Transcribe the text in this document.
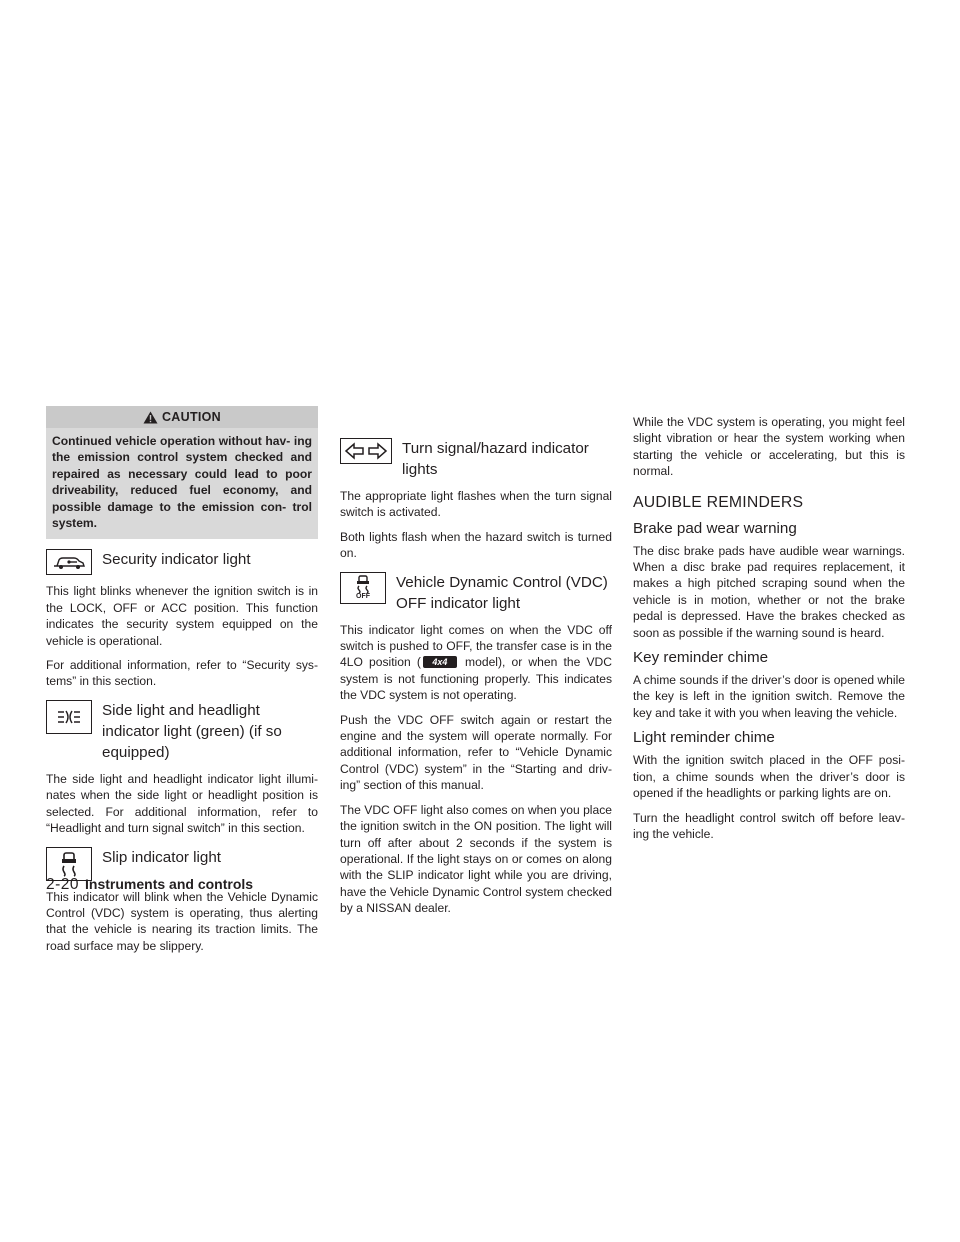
CAUTION
Continued vehicle operation without hav- ing the emission control system checked and repaired as necessary could lead to poor driveability, reduced fuel economy, and possible damage to the emission con- trol system.
Security indicator light

This light blinks whenever the ignition switch is in the LOCK, OFF or ACC position. This function indicates the security system equipped on the vehicle is operational.

For additional information, refer to “Security sys- tems” in this section.

Side light and headlight indicator light (green) (if so equipped)

The side light and headlight indicator light illumi- nates when the side light or headlight position is selected. For additional information, refer to “Headlight and turn signal switch” in this section.

Slip indicator light

This indicator will blink when the Vehicle Dynamic Control (VDC) system is operating, thus alerting that the vehicle is nearing its traction limits. The road surface may be slippery.

Turn signal/hazard indicator lights

The appropriate light flashes when the turn signal switch is activated.

Both lights flash when the hazard switch is turned on.

OFF
Vehicle Dynamic Control (VDC) OFF indicator light

This indicator light comes on when the VDC off switch is pushed to OFF, the transfer case is in the 4LO position (	4x4 model), or when the VDC system is not functioning properly. This indicates the VDC system is not operating.

Push the VDC OFF switch again or restart the engine and the system will operate normally. For additional information, refer to “Vehicle Dynamic Control (VDC) system” in the “Starting and driv- ing” section of this manual.

The VDC OFF light also comes on when you place the ignition switch in the ON position. The light will turn off after about 2 seconds if the system is operational. If the light stays on or comes on along with the SLIP indicator light while you are driving, have the Vehicle Dynamic Control system checked by a NISSAN dealer.

While the VDC system is operating, you might feel slight vibration or hear the system working when starting the vehicle or accelerating, but this is normal.

AUDIBLE REMINDERS
Brake pad wear warning

The disc brake pads have audible wear warnings. When a disc brake pad requires replacement, it makes a high pitched scraping sound when the vehicle is in motion, whether or not the brake pedal is depressed. Have the brakes checked as soon as possible if the warning sound is heard.

Key reminder chime

A chime sounds if the driver’s door is opened while the key is left in the ignition switch. Remove the key and take it with you when leaving the vehicle.

Light reminder chime

With the ignition switch placed in the OFF posi- tion, a chime sounds when the driver’s door is opened if the headlights or parking lights are on.

Turn the headlight control switch off before leav- ing the vehicle.

2-20 Instruments and controls
